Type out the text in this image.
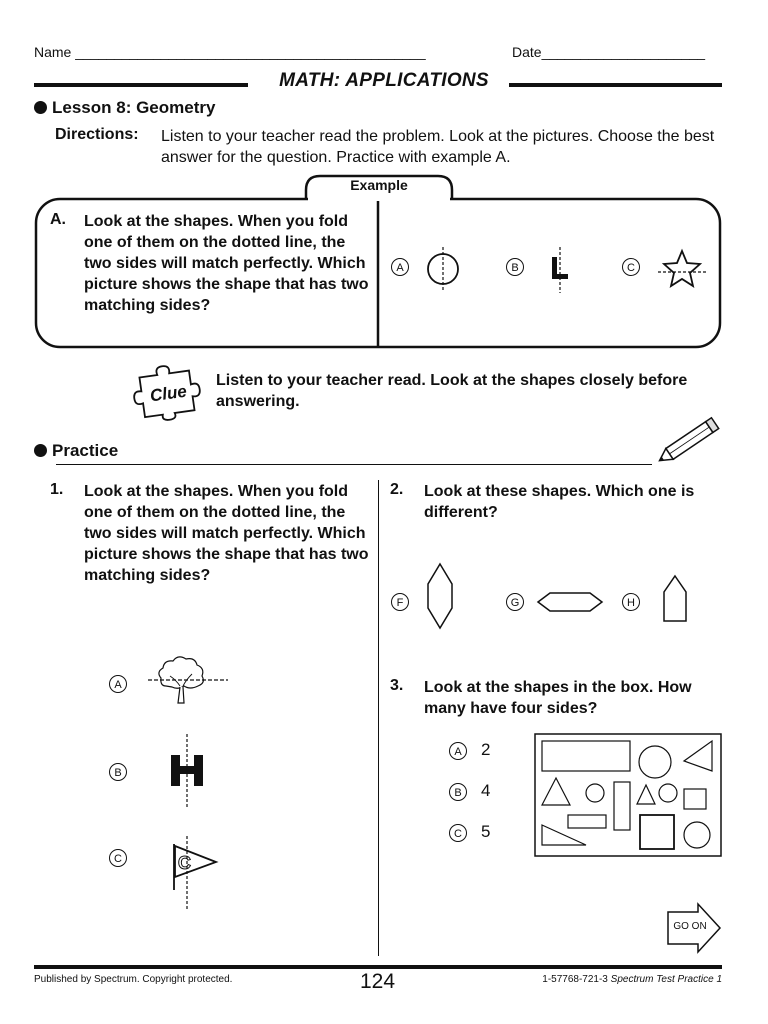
Name _____________________________________________	Date_____________________
MATH: APPLICATIONS
Lesson 8: Geometry
Directions: Listen to your teacher read the problem. Look at the pictures. Choose the best answer for the question. Practice with example A.
Example
A. Look at the shapes. When you fold one of them on the dotted line, the two sides will match perfectly. Which picture shows the shape that has two matching sides?
A	B	C
Clue
Listen to your teacher read. Look at the shapes closely before answering.
Practice
1. Look at the shapes. When you fold one of them on the dotted line, the two sides will match perfectly. Which picture shows the shape that has two matching sides?
A
B
C	C
2. Look at these shapes. Which one is different?
F	G	H
3. Look at the shapes in the box. How many have four sides?
A	2
B	4
C 5
GO ON
Published by Spectrum. Copyright protected.	124	1-57768-721-3 Spectrum Test Practice 1
